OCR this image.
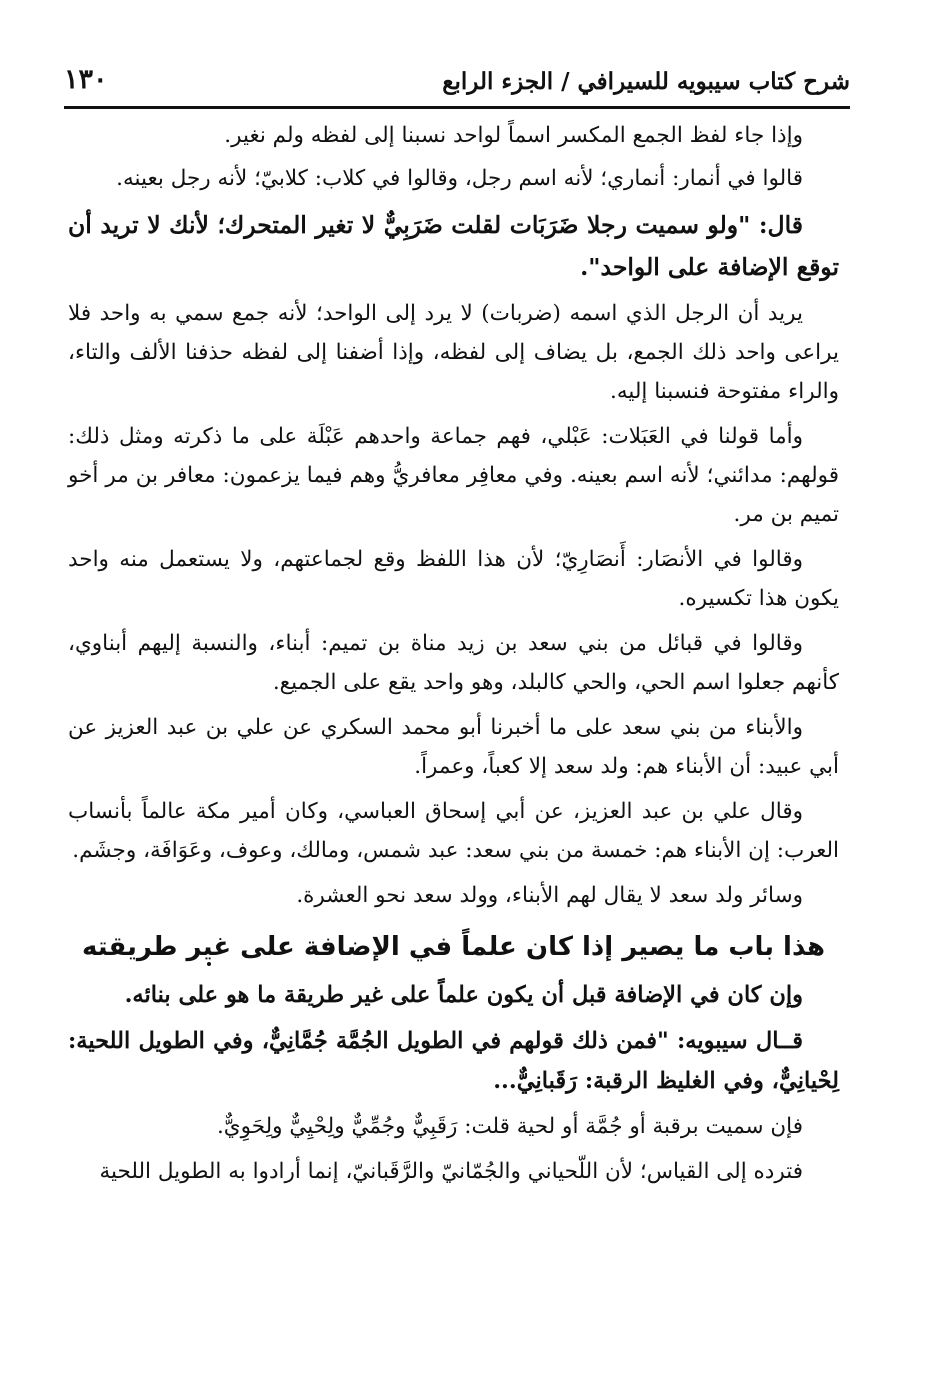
شرح كتاب سيبويه للسيرافي / الجزء الرابع
١٣٠

وإذا جاء لفظ الجمع المكسر اسماً لواحد نسبنا إلى لفظه ولم نغير.

قالوا في أنمار: أنماري؛ لأنه اسم رجل، وقالوا في كلاب: كلابيّ؛ لأنه رجل بعينه.

قال: "ولو سميت رجلا ضَرَبَات لقلت ضَرَبِيٌّ لا تغير المتحرك؛ لأنك لا تريد أن توقع الإضافة على الواحد".

يريد أن الرجل الذي اسمه (ضربات) لا يرد إلى الواحد؛ لأنه جمع سمي به واحد فلا يراعى واحد ذلك الجمع، بل يضاف إلى لفظه، وإذا أضفنا إلى لفظه حذفنا الألف والتاء، والراء مفتوحة فنسبنا إليه.

وأما قولنا في العَبَلات: عَبْلي، فهم جماعة واحدهم عَبْلَة على ما ذكرته ومثل ذلك: قولهم: مدائني؛ لأنه اسم بعينه. وفي معافِر معافريُّ وهم فيما يزعمون: معافر بن مر أخو تميم بن مر.

وقالوا في الأنصَار: أَنصَارِيّ؛ لأن هذا اللفظ وقع لجماعتهم، ولا يستعمل منه واحد يكون هذا تكسيره.

وقالوا في قبائل من بني سعد بن زيد مناة بن تميم: أبناء، والنسبة إليهم أبناوي، كأنهم جعلوا اسم الحي، والحي كالبلد، وهو واحد يقع على الجميع.

والأبناء من بني سعد على ما أخبرنا أبو محمد السكري عن علي بن عبد العزيز عن أبي عبيد: أن الأبناء هم: ولد سعد إلا كعباً، وعمراً.

وقال علي بن عبد العزيز، عن أبي إسحاق العباسي، وكان أمير مكة عالماً بأنساب العرب: إن الأبناء هم: خمسة من بني سعد: عبد شمس، ومالك، وعوف، وعَوَافَة، وجشَم.

وسائر ولد سعد لا يقال لهم الأبناء، وولد سعد نحو العشرة.

هذا باب ما يصير إذا كان علماً في الإضافة على غير طريقته

وإن كان في الإضافة قبل أن يكون علماً على غير طريقة ما هو على بنائه.

قــال سيبويه: "فمن ذلك قولهم في الطويل الجُمَّة جُمَّانِيٌّ، وفي الطويل اللحية: لِحْيانِيٌّ، وفي الغليظ الرقبة: رَقَبانِيٌّ...

فإن سميت برقبة أو جُمَّة أو لحية قلت: رَقَبِيٌّ وجُمِّيٌّ ولِحْيِيٌّ ولِحَوِيٌّ.

فترده إلى القياس؛ لأن اللّحياني والجُمّانيّ والرَّقَبانيّ، إنما أرادوا به الطويل اللحية
